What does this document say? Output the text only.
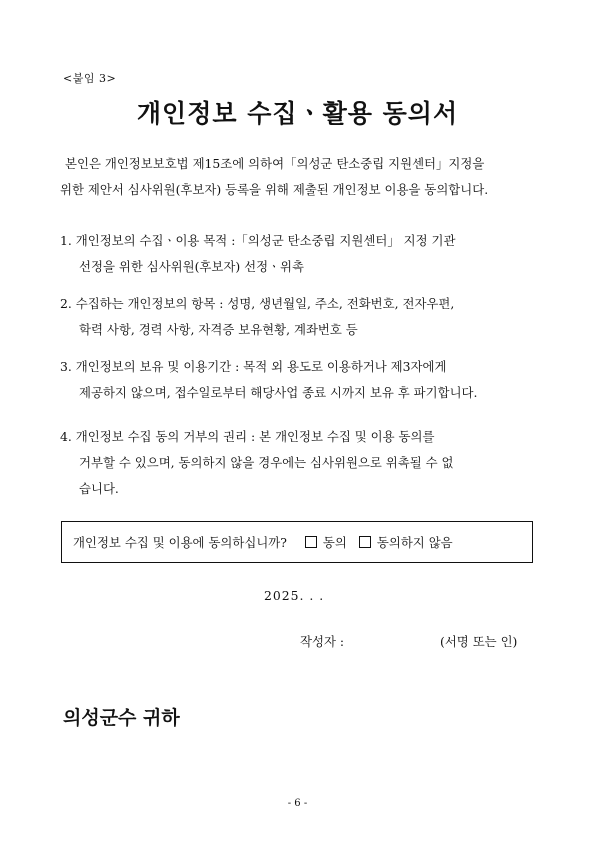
<붙임 3>
개인정보 수집ㆍ활용 동의서
본인은 개인정보보호법 제15조에 의하여「의성군 탄소중립 지원센터」지정을
위한 제안서 심사위원(후보자) 등록을 위해 제출된 개인정보 이용을 동의합니다.
1. 개인정보의 수집ㆍ이용 목적 :「의성군 탄소중립 지원센터」 지정 기관
선정을 위한 심사위원(후보자) 선정ㆍ위촉
2. 수집하는 개인정보의 항목 : 성명, 생년월일, 주소, 전화번호, 전자우편,
학력 사항, 경력 사항, 자격증 보유현황, 계좌번호 등
3. 개인정보의 보유 및 이용기간 : 목적 외 용도로 이용하거나 제3자에게
제공하지 않으며, 접수일로부터 해당사업 종료 시까지 보유 후 파기합니다.
4. 개인정보 수집 동의 거부의 권리 : 본 개인정보 수집 및 이용 동의를
거부할 수 있으며, 동의하지 않을 경우에는 심사위원으로 위촉될 수 없
습니다.
개인정보 수집 및 이용에 동의하십니까?	동의 동의하지 않음
2025. . .
작성자 :	(서명 또는 인)
의성군수 귀하
- 6 -
